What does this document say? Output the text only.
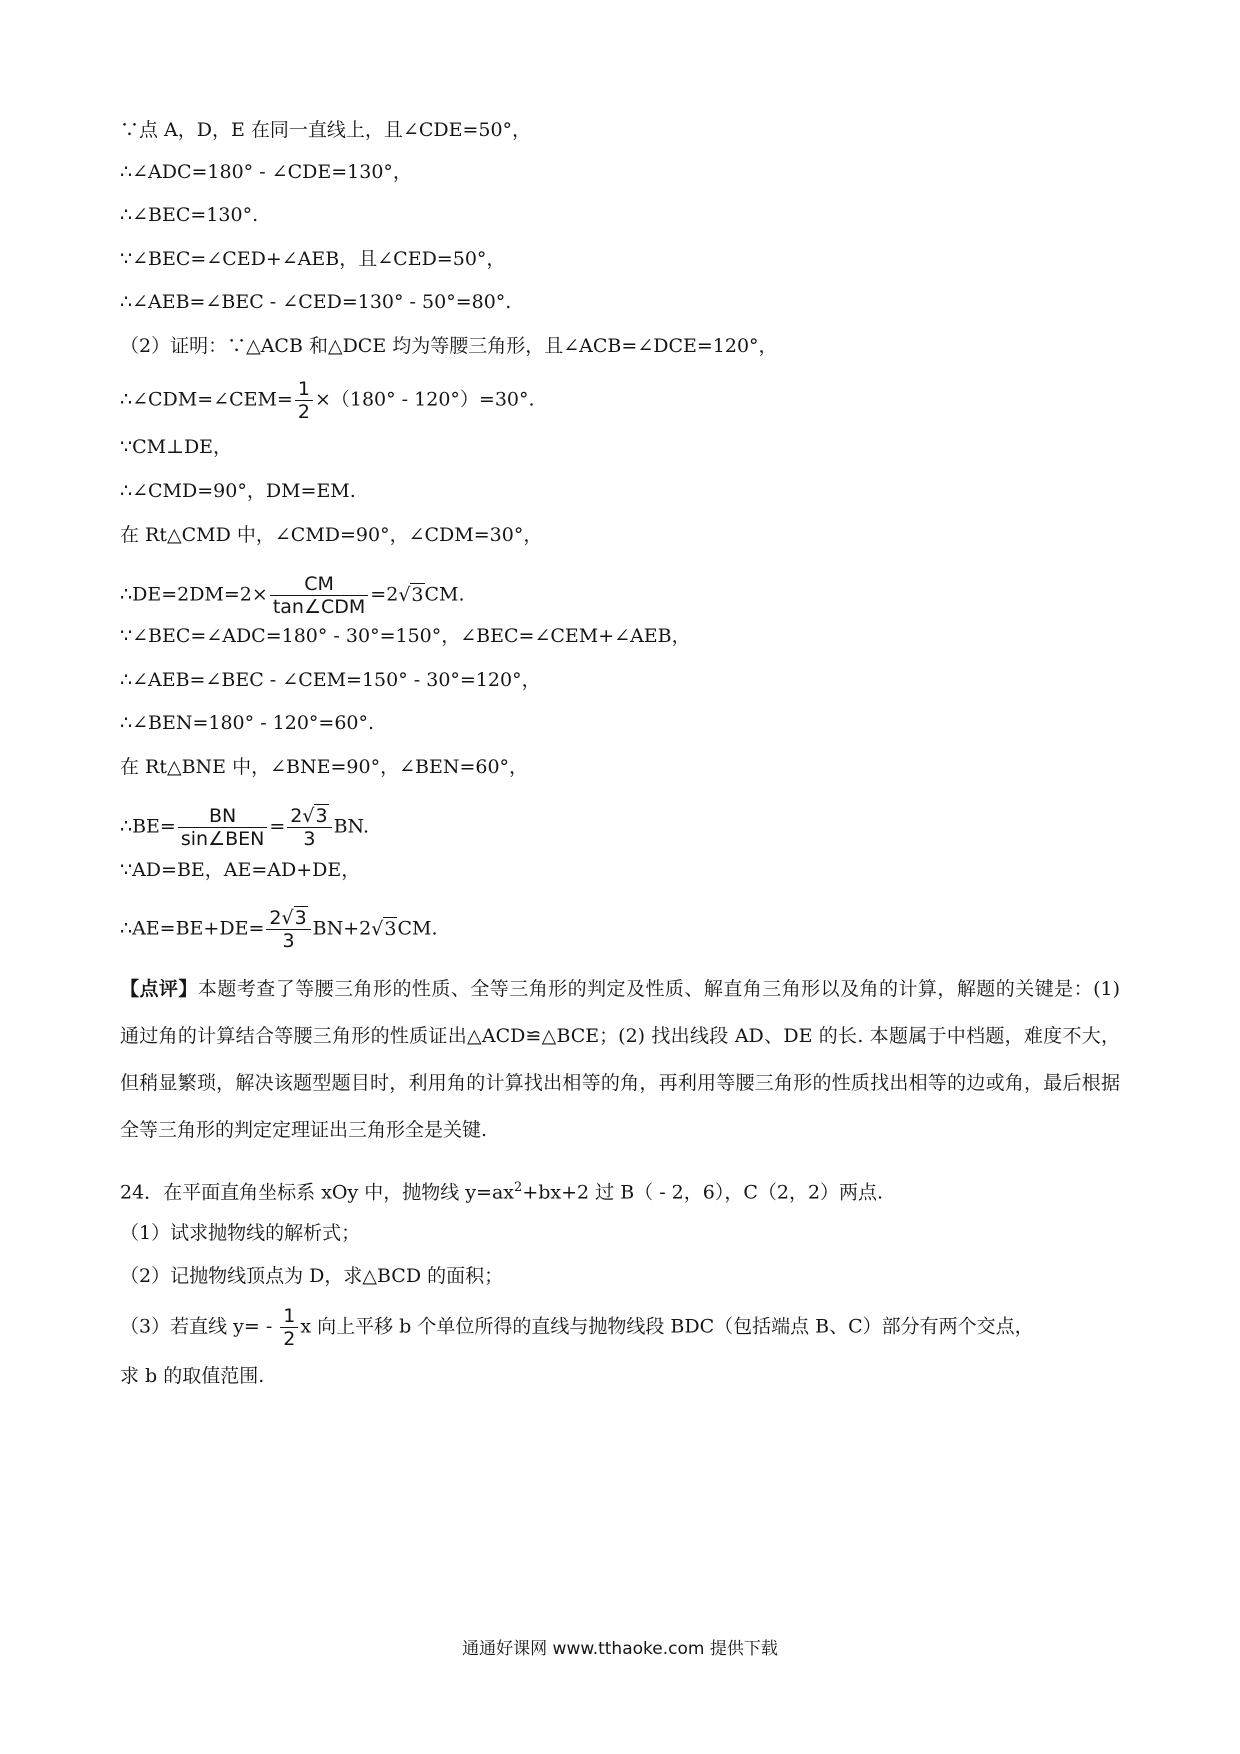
∵点 A，D，E 在同一直线上，且∠CDE=50°，
∴∠ADC=180° - ∠CDE=130°，
∴∠BEC=130°.
∵∠BEC=∠CED+∠AEB，且∠CED=50°，
∴∠AEB=∠BEC - ∠CED=130° - 50°=80°.
（2）证明：∵△ACB 和△DCE 均为等腰三角形，且∠ACB=∠DCE=120°，
∴∠CDM=∠CEM= $\frac{1}{2} \times(180^\circ - 120^\circ)=30^\circ$.
∵CM⊥DE，
∴∠CMD=90°，DM=EM.
在 Rt△CMD 中，∠CMD=90°，∠CDM=30°，
∴DE=2DM=2× $\frac{CM}{\text{tan∠CDM}} =2√3CM$.
∵∠BEC=∠ADC=180° - 30°=150°，∠BEC=∠CEM+∠AEB，
∴∠AEB=∠BEC - ∠CEM=150° - 30°=120°，
∴∠BEN=180° - 120°=60°.
在 Rt△BNE 中，∠BNE=90°，∠BEN=60°，
∴BE= $\frac{BN}{\text{sin∠BEN}} = \frac{2√3}{3}$ BN.
∵AD=BE，AE=AD+DE，
∴AE=BE+DE= $\frac{2√3}{3} BN+2√3CM$.
【点评】本题考查了等腰三角形的性质、全等三角形的判定及性质、解直角三角形以及角的计算，解题的关键是：(1) 通过角的计算结合等腰三角形的性质证出△ACD≌△BCE；(2) 找出线段 AD、DE 的长. 本题属于中档题，难度不大，但稍显繁琐，解决该题型题目时，利用角的计算找出相等的角，再利用等腰三角形的性质找出相等的边或角，最后根据全等三角形的判定定理证出三角形全是关键.
24．在平面直角坐标系 xOy 中，抛物线 $y=ax^2+bx+2$ 过 B（ - 2，6），C（2，2）两点.
（1）试求抛物线的解析式；
（2）记抛物线顶点为 D，求△BCD 的面积；
（3）若直线 $y= - \frac{1}{2}$ x 向上平移 b 个单位所得的直线与抛物线段 BDC（包括端点 B、C）部分有两个交点，
求 b 的取值范围.
通通好课网 www.tthaoke.com 提供下载
